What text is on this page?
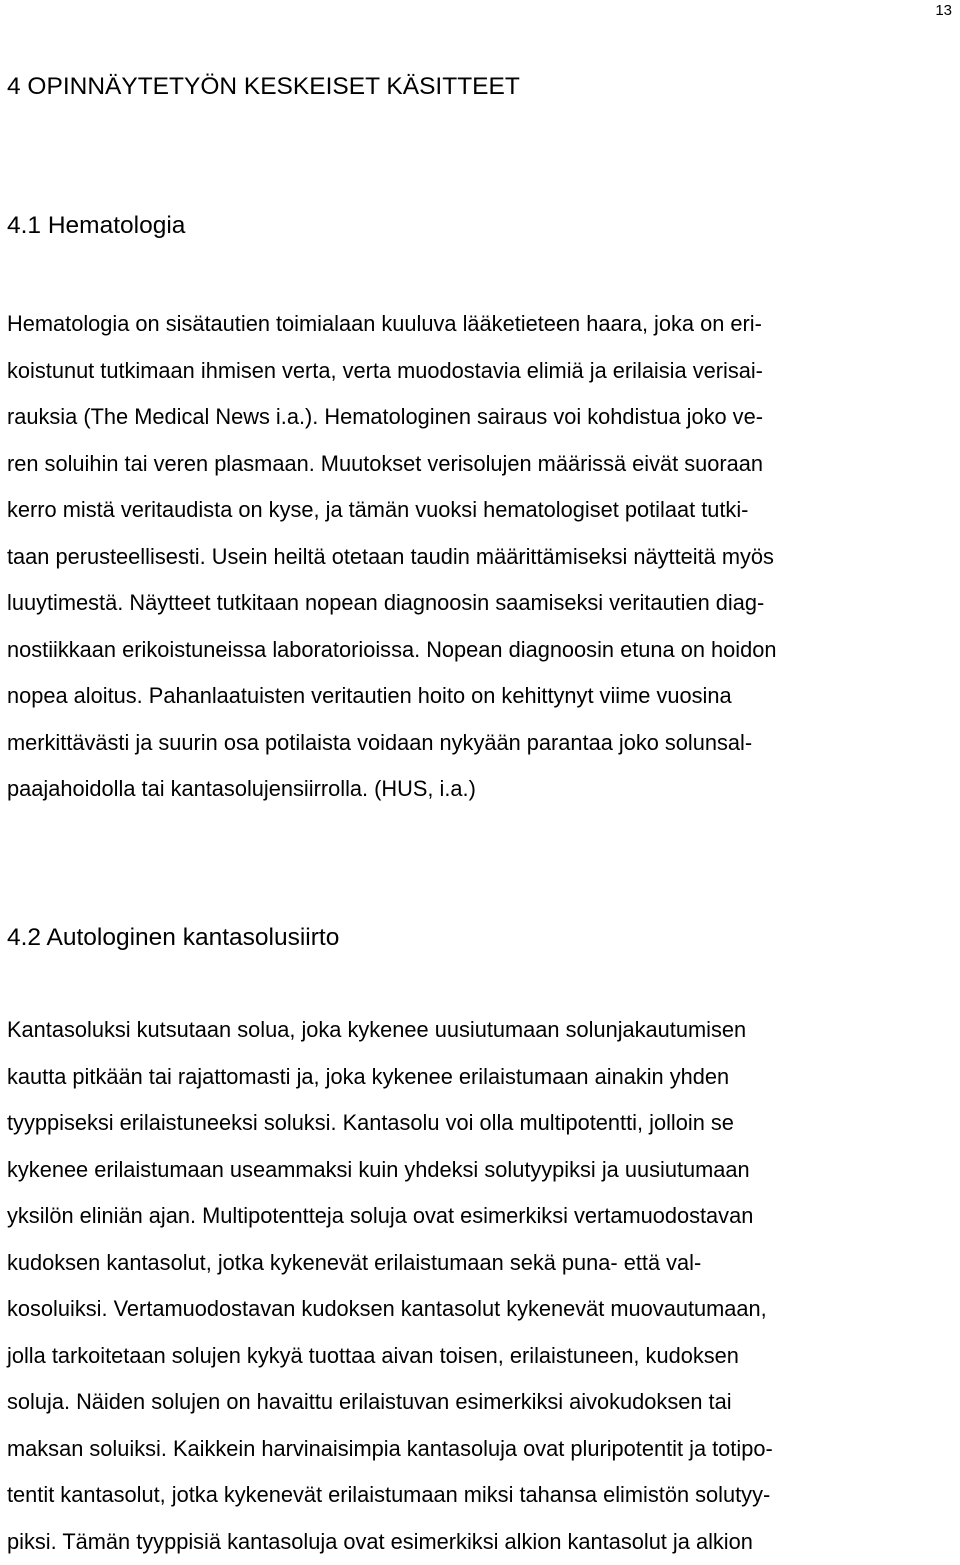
13
4 OPINNÄYTETYÖN KESKEISET KÄSITTEET
4.1 Hematologia
Hematologia on sisätautien toimialaan kuuluva lääketieteen haara, joka on eri-
koistunut tutkimaan ihmisen verta, verta muodostavia elimiä ja erilaisia verisai-
rauksia (The Medical News i.a.). Hematologinen sairaus voi kohdistua joko ve-
ren soluihin tai veren plasmaan. Muutokset verisolujen määrissä eivät suoraan
kerro mistä veritaudista on kyse, ja tämän vuoksi hematologiset potilaat tutki-
taan perusteellisesti. Usein heiltä otetaan taudin määrittämiseksi näytteitä myös
luuytimestä. Näytteet tutkitaan nopean diagnoosin saamiseksi veritautien diag-
nostiikkaan erikoistuneissa laboratorioissa. Nopean diagnoosin etuna on hoidon
nopea aloitus. Pahanlaatuisten veritautien hoito on kehittynyt viime vuosina
merkittävästi ja suurin osa potilaista voidaan nykyään parantaa joko solunsal-
paajahoidolla tai kantasolujensiirrolla. (HUS, i.a.)
4.2 Autologinen kantasolusiirto
Kantasoluksi kutsutaan solua, joka kykenee uusiutumaan solunjakautumisen
kautta pitkään tai rajattomasti ja, joka kykenee erilaistumaan ainakin yhden
tyyppiseksi erilaistuneeksi soluksi. Kantasolu voi olla multipotentti, jolloin se
kykenee erilaistumaan useammaksi kuin yhdeksi solutyypiksi ja uusiutumaan
yksilön eliniän ajan. Multipotentteja soluja ovat esimerkiksi vertamuodostavan
kudoksen kantasolut, jotka kykenevät erilaistumaan sekä puna- että val-
kosoluiksi. Vertamuodostavan kudoksen kantasolut kykenevät muovautumaan,
jolla tarkoitetaan solujen kykyä tuottaa aivan toisen, erilaistuneen, kudoksen
soluja. Näiden solujen on havaittu erilaistuvan esimerkiksi aivokudoksen tai
maksan soluiksi. Kaikkein harvinaisimpia kantasoluja ovat pluripotentit ja totipo-
tentit kantasolut, jotka kykenevät erilaistumaan miksi tahansa elimistön solutyy-
piksi. Tämän tyyppisiä kantasoluja ovat esimerkiksi alkion kantasolut ja alkion
